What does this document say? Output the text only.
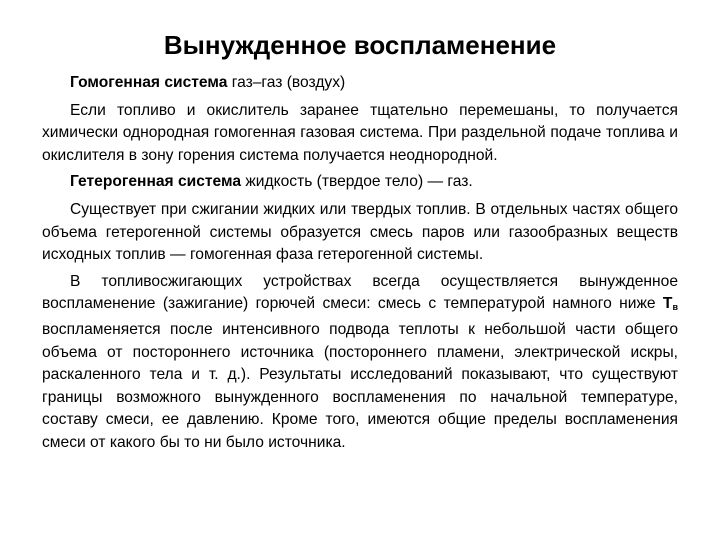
Вынужденное воспламенение

Гомогенная система газ–газ (воздух)

Если топливо и окислитель заранее тщательно перемешаны, то получается химически однородная гомогенная газовая система. При раздельной подаче топлива и окислителя в зону горения система получается неоднородной.

Гетерогенная система жидкость (твердое тело) — газ.

Существует при сжигании жидких или твердых топлив. В отдельных частях общего объема гетерогенной системы образуется смесь паров или газообразных веществ исходных топлив — гомогенная фаза гетерогенной системы.

В топливосжигающих устройствах всегда осуществляется вынужденное воспламенение (зажигание) горючей смеси: смесь с температурой намного ниже $Т_в$ воспламеняется после интенсивного подвода теплоты к небольшой части общего объема от постороннего источника (постороннего пламени, электрической искры, раскаленного тела и т. д.). Результаты исследований показывают, что существуют границы возможного вынужденного воспламенения по начальной температуре, составу смеси, ее давлению. Кроме того, имеются общие пределы воспламенения смеси от какого бы то ни было источника.
